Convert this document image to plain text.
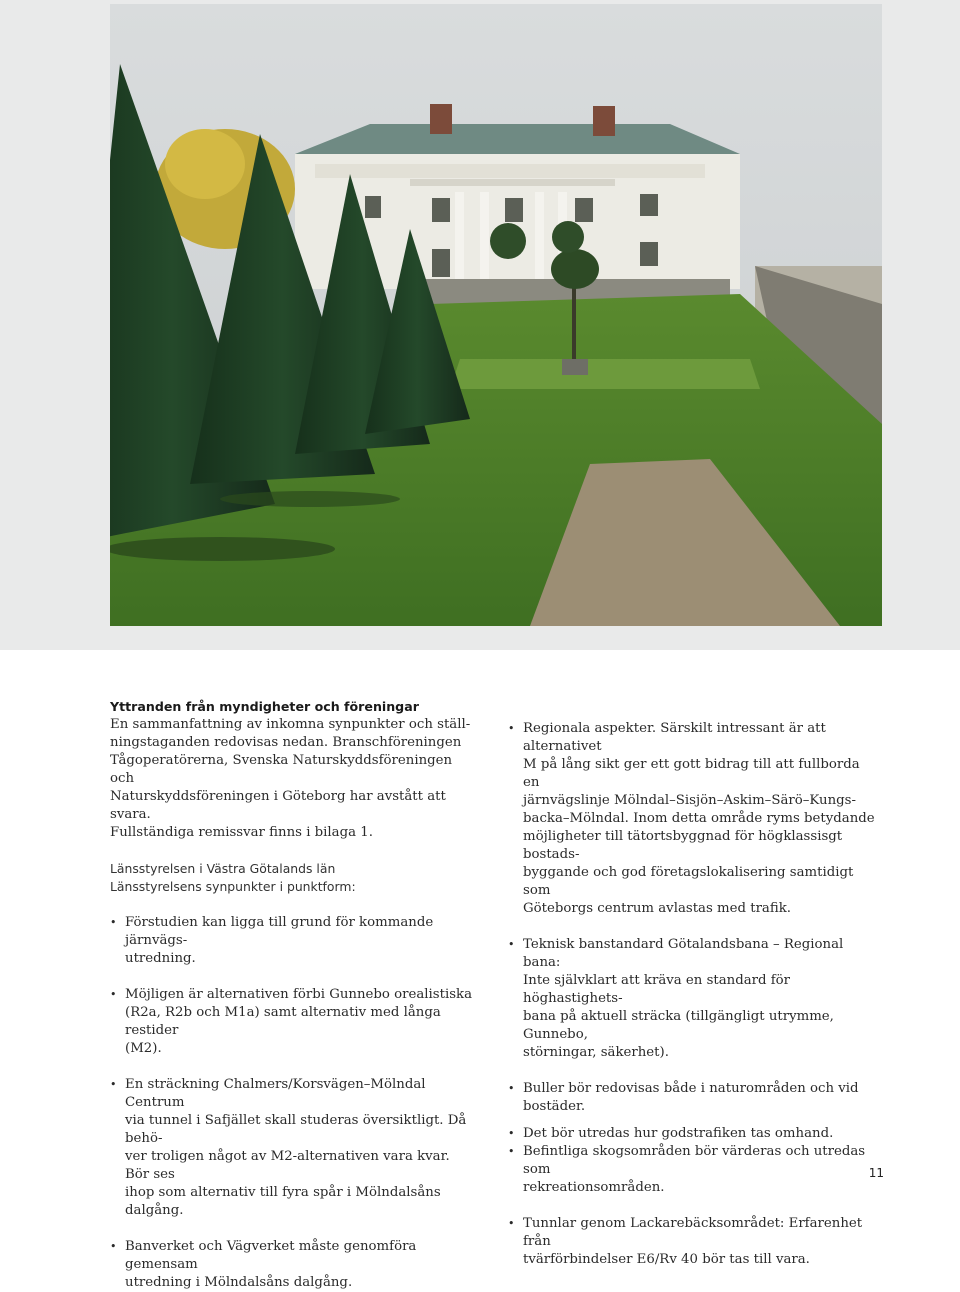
Yttranden från myndigheter och föreningar

En sammanfattning av inkomna synpunkter och ställ-
ningstaganden redovisas nedan. Branschföreningen
Tågoperatörerna, Svenska Naturskyddsföreningen och
Naturskyddsföreningen i Göteborg har avstått att svara.
Fullständiga remissvar finns i bilaga 1.

Länsstyrelsen i Västra Götalands län
Länsstyrelsens synpunkter i punktform:
• Förstudien kan ligga till grund för kommande järnvägs-
utredning.
• Möjligen är alternativen förbi Gunnebo orealistiska
(R2a, R2b och M1a) samt alternativ med långa restider
(M2).
• En sträckning Chalmers/Korsvägen–Mölndal Centrum
via tunnel i Safjället skall studeras översiktligt. Då behö-
ver troligen något av M2-alternativen vara kvar. Bör ses
ihop som alternativ till fyra spår i Mölndalsåns dalgång.
• Banverket och Vägverket måste genomföra gemensam
utredning i Mölndalsåns dalgång.
• Regionala aspekter. Särskilt intressant är att alternativet
M på lång sikt ger ett gott bidrag till att fullborda en
järnvägslinje Mölndal–Sisjön–Askim–Särö–Kungs-
backa–Mölndal. Inom detta område ryms betydande
möjligheter till tätortsbyggnad för högklassisgt bostads-
byggande och god företagslokalisering samtidigt som
Göteborgs centrum avlastas med trafik.
• Teknisk banstandard Götalandsbana – Regional bana:
Inte självklart att kräva en standard för höghastighets-
bana på aktuell sträcka (tillgängligt utrymme, Gunnebo,
störningar, säkerhet).
• Buller bör redovisas både i naturområden och vid
bostäder.
• Det bör utredas hur godstrafiken tas omhand.
• Befintliga skogsområden bör värderas och utredas som
rekreationsområden.
• Tunnlar genom Lackarebäcksområdet: Erfarenhet från
tvärförbindelser E6/Rv 40 bör tas till vara.
11
